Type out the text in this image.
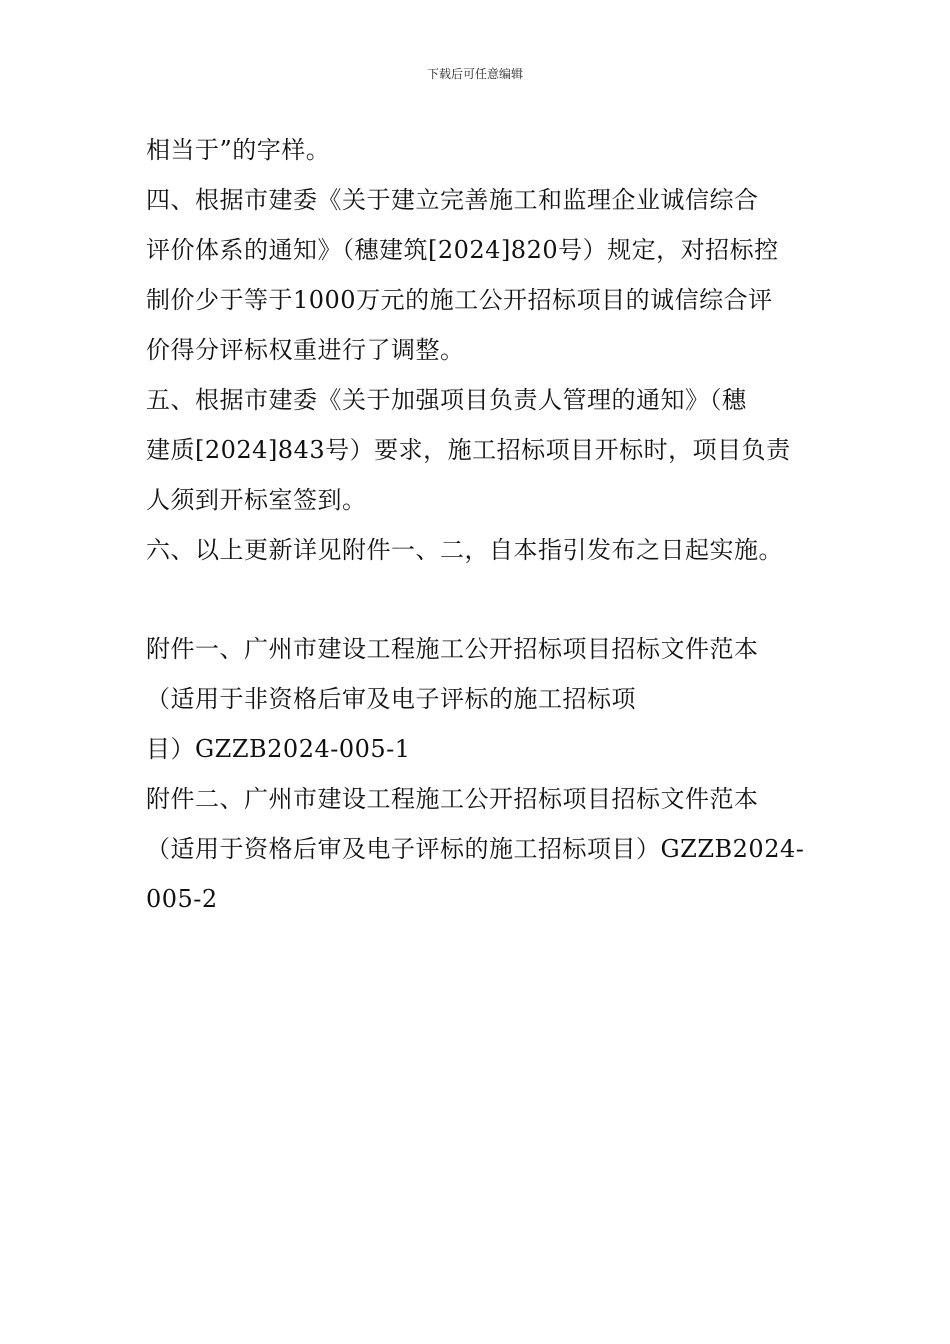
下载后可任意编辑
相当于”的字样。
四、根据市建委《关于建立完善施工和监理企业诚信综合
评价体系的通知》（穗建筑[2024]820号）规定，对招标控
制价少于等于1000万元的施工公开招标项目的诚信综合评
价得分评标权重进行了调整。
五、根据市建委《关于加强项目负责人管理的通知》（穗
建质[2024]843号）要求，施工招标项目开标时，项目负责
人须到开标室签到。
六、以上更新详见附件一、二，自本指引发布之日起实施。
附件一、广州市建设工程施工公开招标项目招标文件范本
（适用于非资格后审及电子评标的施工招标项
目）GZZB2024-005-1
附件二、广州市建设工程施工公开招标项目招标文件范本
（适用于资格后审及电子评标的施工招标项目）GZZB2024-
005-2
